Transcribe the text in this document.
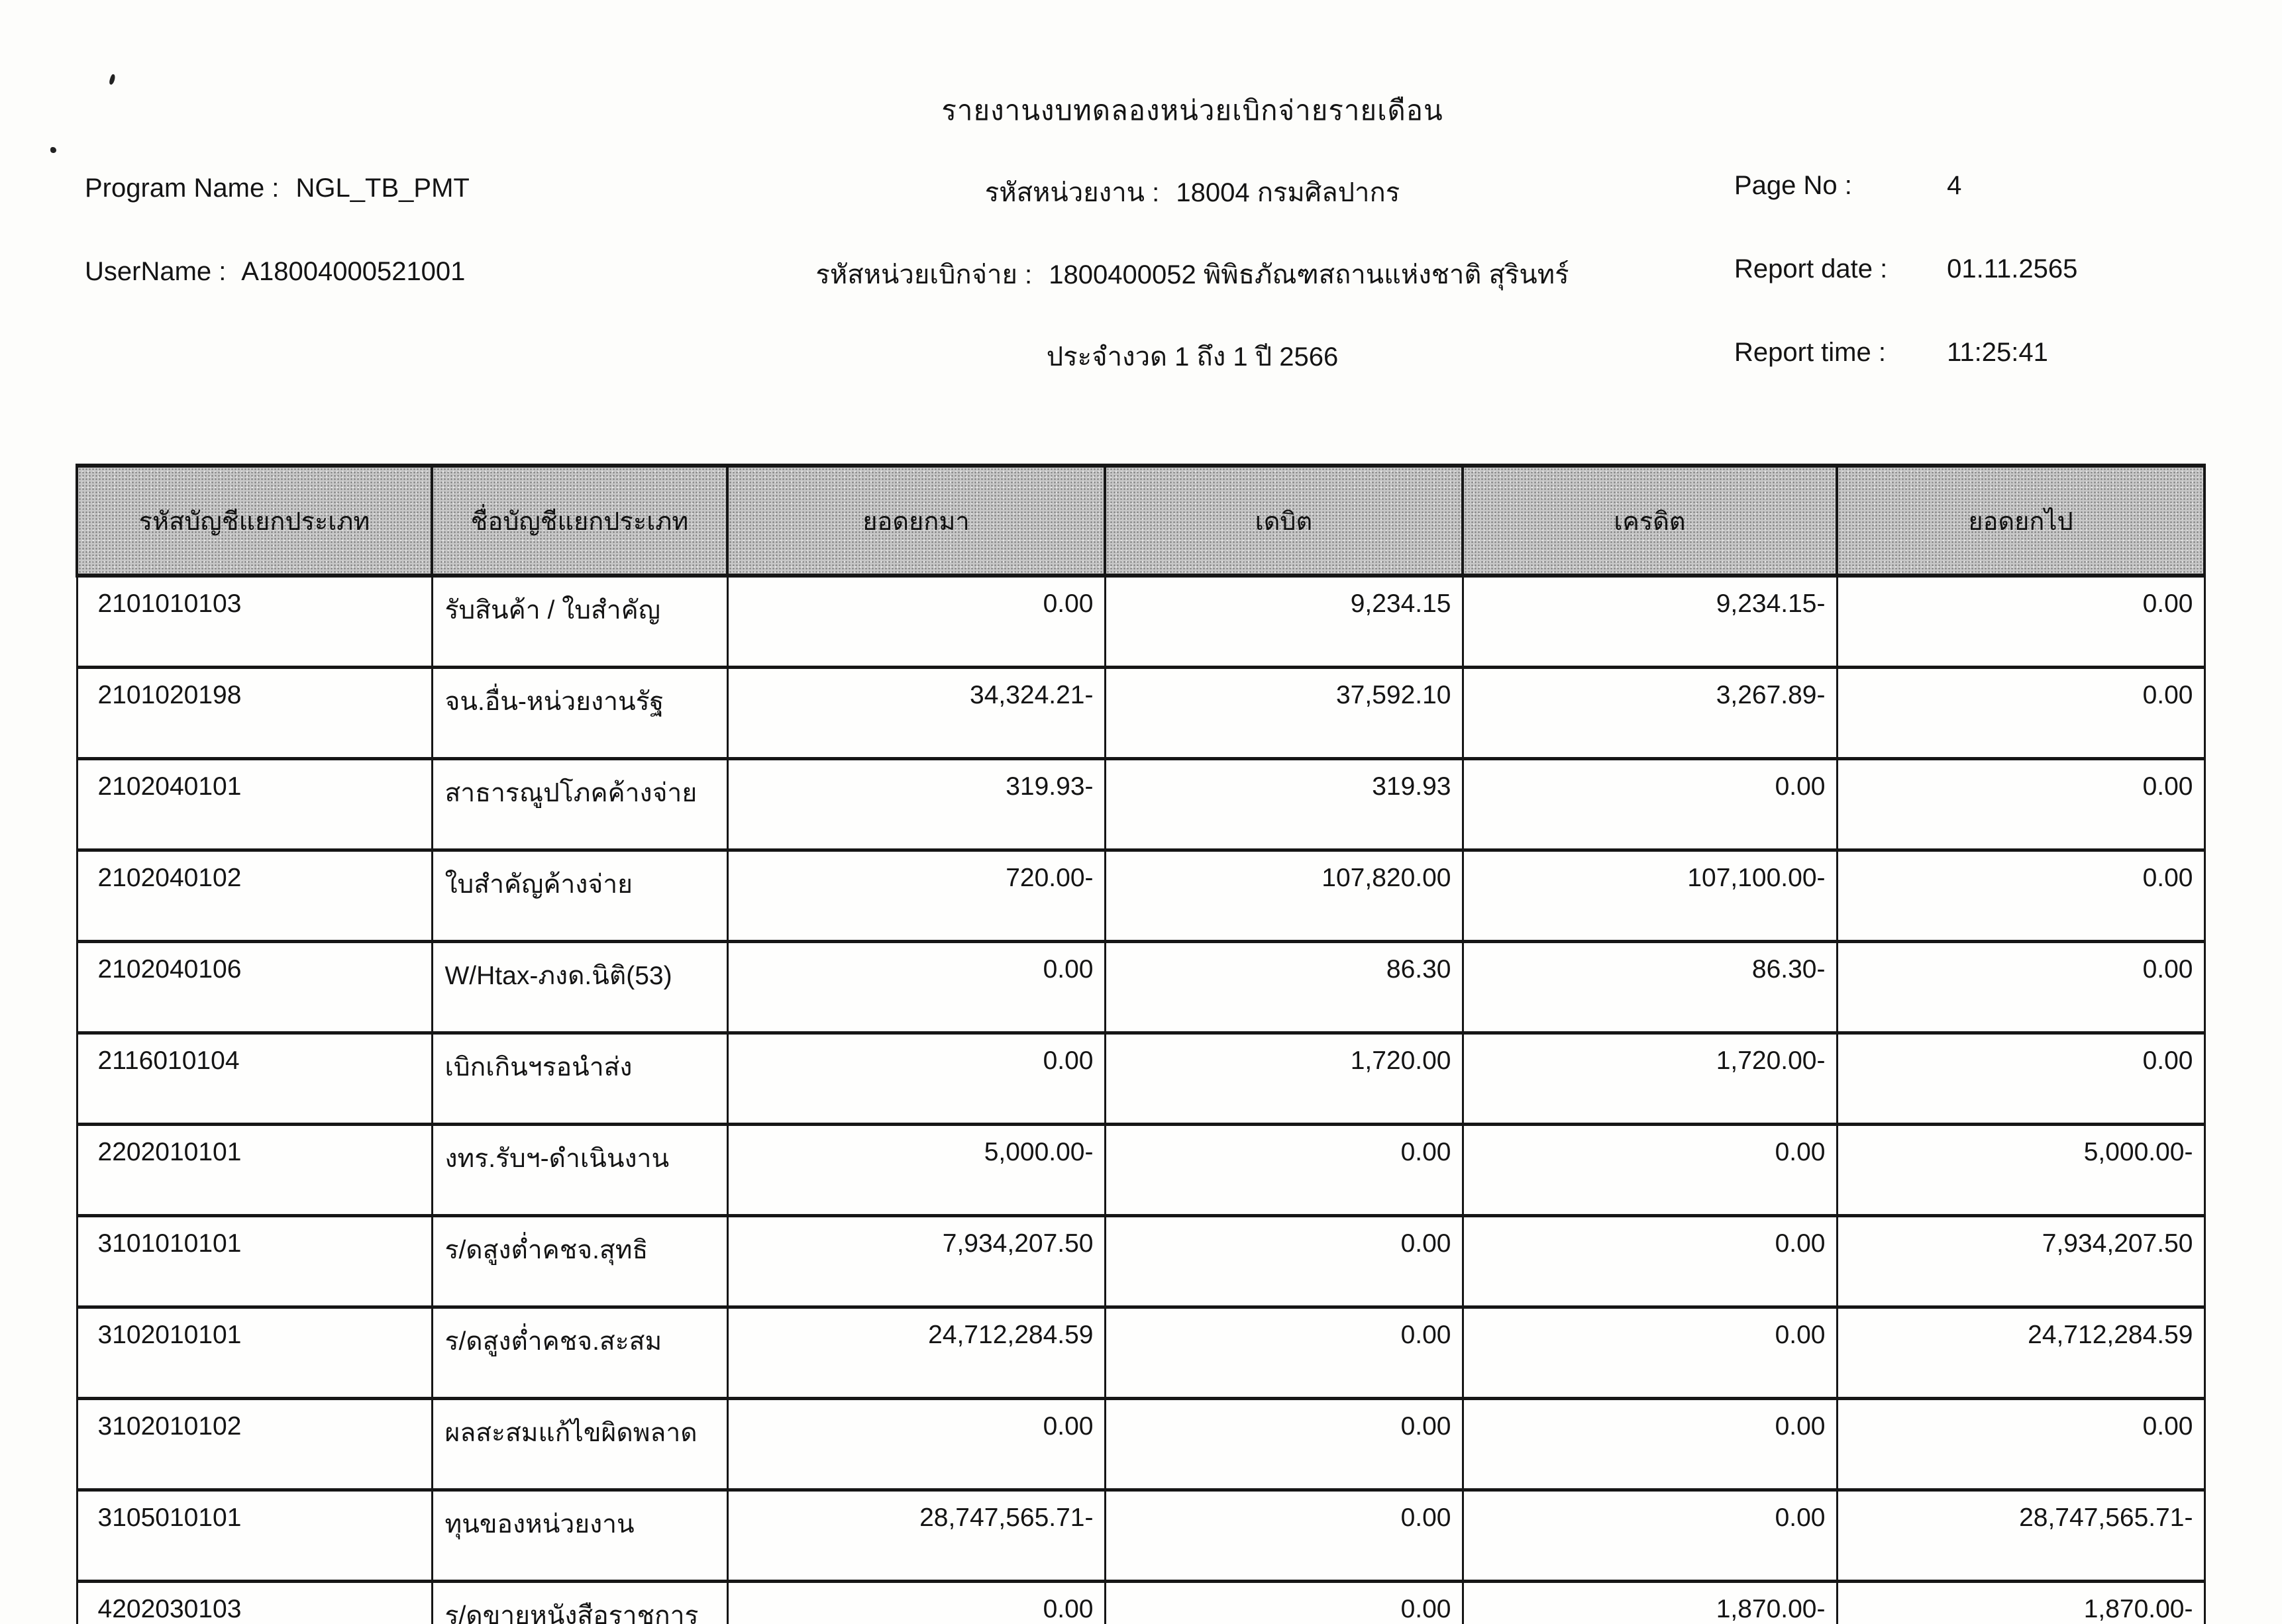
รายงานงบทดลองหน่วยเบิกจ่ายรายเดือน
Program Name : NGL_TB_PMT	รหัสหน่วยงาน : 18004 กรมศิลปากร	Page No :	4
UserName : A18004000521001	รหัสหน่วยเบิกจ่าย : 1800400052 พิพิธภัณฑสถานแห่งชาติ สุรินทร์	Report date : 01.11.2565
ประจำงวด 1 ถึง 1 ปี 2566	Report time : 11:25:41
รหัสบัญชีแยกประเภท	ชื่อบัญชีแยกประเภท	ยอดยกมา	เดบิต	เครดิต	ยอดยกไป
2101010103	รับสินค้า / ใบสำคัญ	0.00	9,234.15	9,234.15-	0.00
2101020198	จน.อื่น-หน่วยงานรัฐ	34,324.21-	37,592.10	3,267.89-	0.00
2102040101	สาธารณูปโภคค้างจ่าย	319.93-	319.93	0.00	0.00
2102040102	ใบสำคัญค้างจ่าย	720.00-	107,820.00	107,100.00-	0.00
2102040106	W/Htax-ภงด.นิติ(53)	0.00	86.30	86.30-	0.00
2116010104	เบิกเกินฯรอนำส่ง	0.00	1,720.00	1,720.00-	0.00
2202010101	งทร.รับฯ-ดำเนินงาน	5,000.00-	0.00	0.00	5,000.00-
3101010101	ร/ดสูงต่ำคชจ.สุทธิ	7,934,207.50	0.00	0.00	7,934,207.50
3102010101	ร/ดสูงต่ำคชจ.สะสม	24,712,284.59	0.00	0.00	24,712,284.59
3102010102	ผลสะสมแก้ไขผิดพลาด	0.00	0.00	0.00	0.00
3105010101	ทุนของหน่วยงาน	28,747,565.71-	0.00	0.00	28,747,565.71-
4202030103	ร/ดขายหนังสือราชการ	0.00	0.00	1,870.00-	1,870.00-
